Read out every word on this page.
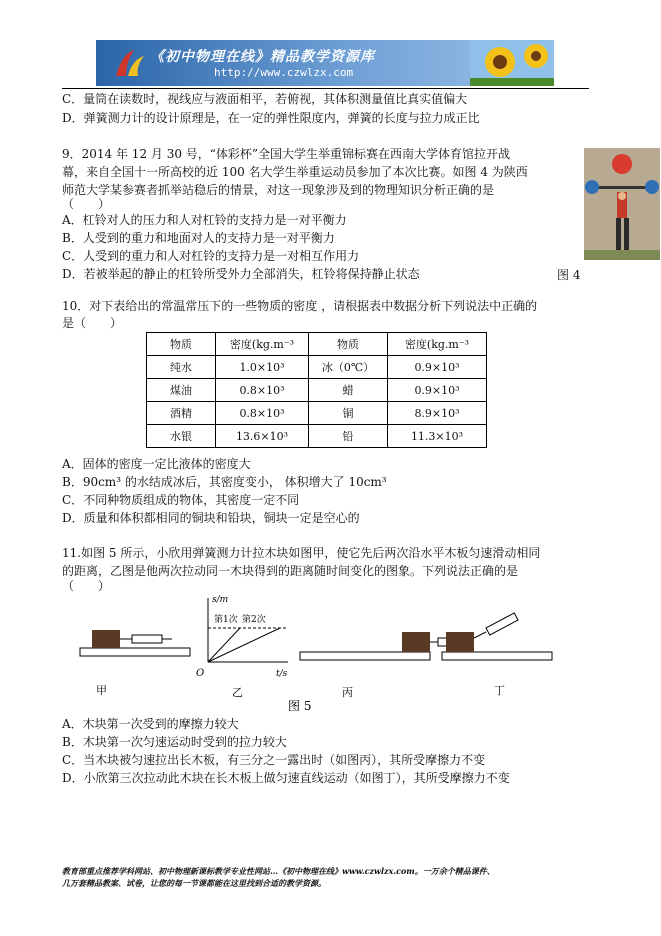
《初中物理在线》精品教学资源库
http://www.czwlzx.com
C．量筒在读数时，视线应与液面相平，若俯视，其体积测量值比真实值偏大
D．弹簧测力计的设计原理是，在一定的弹性限度内，弹簧的长度与拉力成正比
9．2014 年 12 月 30 号，“体彩杯”全国大学生举重锦标赛在西南大学体育馆拉开战
幕，来自全国十一所高校的近 100 名大学生举重运动员参加了本次比赛。如图 4 为陕西
师范大学某参赛者抓举站稳后的情景，对这一现象涉及到的物理知识分析正确的是
（　　）
A．杠铃对人的压力和人对杠铃的支持力是一对平衡力
B．人受到的重力和地面对人的支持力是一对平衡力
C．人受到的重力和人对杠铃的支持力是一对相互作用力
D．若被举起的静止的杠铃所受外力全部消失，杠铃将保持静止状态	图 4
10．对下表给出的常温常压下的一些物质的密度 ，请根据表中数据分析下列说法中正确的
是（　　）
物质	密度(kg.m⁻³	物质	密度(kg.m⁻³
纯水	1.0×10³	冰（0℃）	0.9×10³
煤油	0.8×10³	蜡	0.9×10³
酒精	0.8×10³	铜	8.9×10³
水银	13.6×10³	铅	11.3×10³
A．固体的密度一定比液体的密度大
B．90cm³ 的水结成冰后，其密度变小， 体积增大了 10cm³
C．不同种物质组成的物体，其密度一定不同
D．质量和体积都相同的铜块和铅块，铜块一定是空心的
11.如图 5 所示，小欣用弹簧测力计拉木块如图甲，使它先后两次沿水平木板匀速滑动相同
的距离，乙图是他两次拉动同一木块得到的距离随时间变化的图象。下列说法正确的是
（　　）
甲
s/m
t/s
O
第1次 第2次
乙	丙	丁
图 5
A．木块第一次受到的摩擦力较大
B．木块第一次匀速运动时受到的拉力较大
C．当木块被匀速拉出长木板，有三分之一露出时（如图丙），其所受摩擦力不变
D．小欣第三次拉动此木块在长木板上做匀速直线运动（如图丁），其所受摩擦力不变
教育部重点推荐学科网站、初中物理新课标教学专业性网站…《初中物理在线》www.czwlzx.com。一万余个精品课件、
几万套精品教案、试卷，让您的每一节课都能在这里找到合适的教学资源。
